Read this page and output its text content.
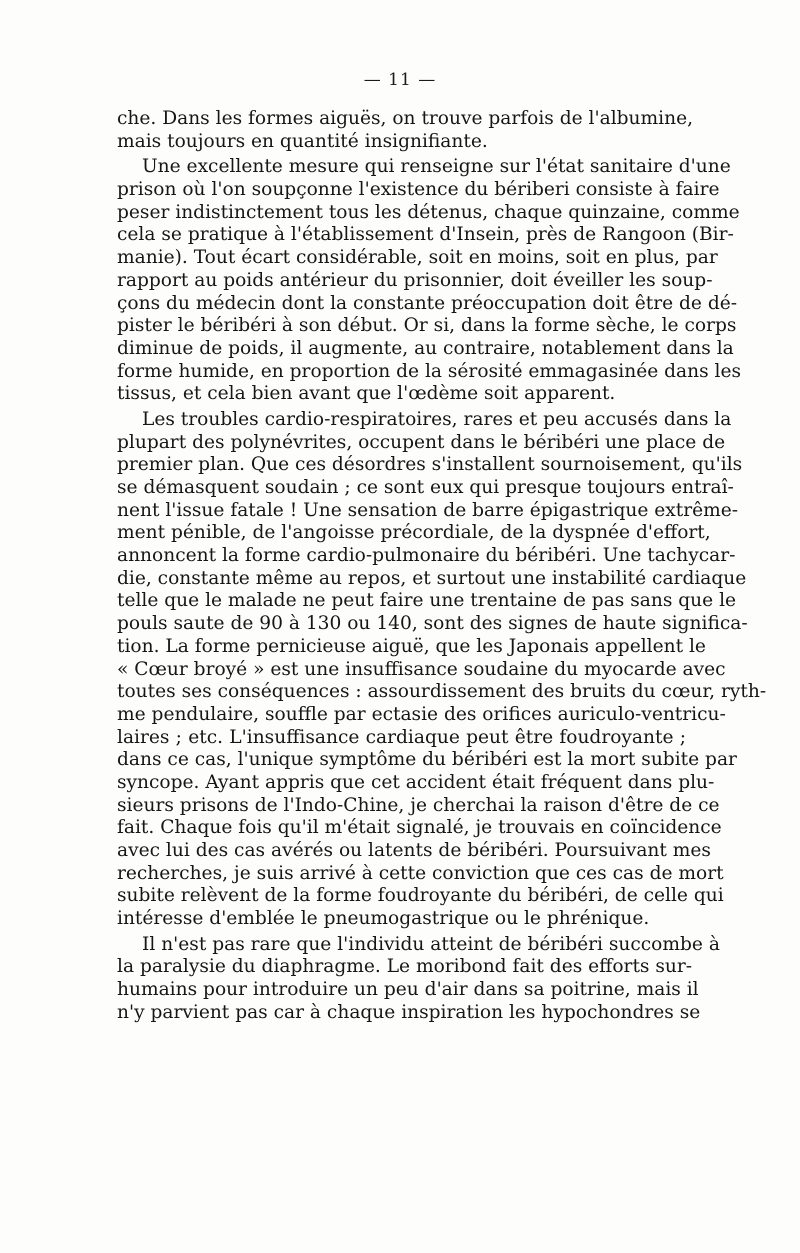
— 11 —
che. Dans les formes aiguës, on trouve parfois de l'albumine,
mais toujours en quantité insignifiante.
Une excellente mesure qui renseigne sur l'état sanitaire d'une
prison où l'on soupçonne l'existence du bériberi consiste à faire
peser indistinctement tous les détenus, chaque quinzaine, comme
cela se pratique à l'établissement d'Insein, près de Rangoon (Bir-
manie). Tout écart considérable, soit en moins, soit en plus, par
rapport au poids antérieur du prisonnier, doit éveiller les soup-
çons du médecin dont la constante préoccupation doit être de dé-
pister le béribéri à son début. Or si, dans la forme sèche, le corps
diminue de poids, il augmente, au contraire, notablement dans la
forme humide, en proportion de la sérosité emmagasinée dans les
tissus, et cela bien avant que l'œdème soit apparent.
Les troubles cardio-respiratoires, rares et peu accusés dans la
plupart des polynévrites, occupent dans le béribéri une place de
premier plan. Que ces désordres s'installent sournoisement, qu'ils
se démasquent soudain ; ce sont eux qui presque toujours entraî-
nent l'issue fatale ! Une sensation de barre épigastrique extrême-
ment pénible, de l'angoisse précordiale, de la dyspnée d'effort,
annoncent la forme cardio-pulmonaire du béribéri. Une tachycar-
die, constante même au repos, et surtout une instabilité cardiaque
telle que le malade ne peut faire une trentaine de pas sans que le
pouls saute de 90 à 130 ou 140, sont des signes de haute significa-
tion. La forme pernicieuse aiguë, que les Japonais appellent le
« Cœur broyé » est une insuffisance soudaine du myocarde avec
toutes ses conséquences : assourdissement des bruits du cœur, ryth-
me pendulaire, souffle par ectasie des orifices auriculo-ventricu-
laires ; etc. L'insuffisance cardiaque peut être foudroyante ;
dans ce cas, l'unique symptôme du béribéri est la mort subite par
syncope. Ayant appris que cet accident était fréquent dans plu-
sieurs prisons de l'Indo-Chine, je cherchai la raison d'être de ce
fait. Chaque fois qu'il m'était signalé, je trouvais en coïncidence
avec lui des cas avérés ou latents de béribéri. Poursuivant mes
recherches, je suis arrivé à cette conviction que ces cas de mort
subite relèvent de la forme foudroyante du béribéri, de celle qui
intéresse d'emblée le pneumogastrique ou le phrénique.
Il n'est pas rare que l'individu atteint de béribéri succombe à
la paralysie du diaphragme. Le moribond fait des efforts sur-
humains pour introduire un peu d'air dans sa poitrine, mais il
n'y parvient pas car à chaque inspiration les hypochondres se
